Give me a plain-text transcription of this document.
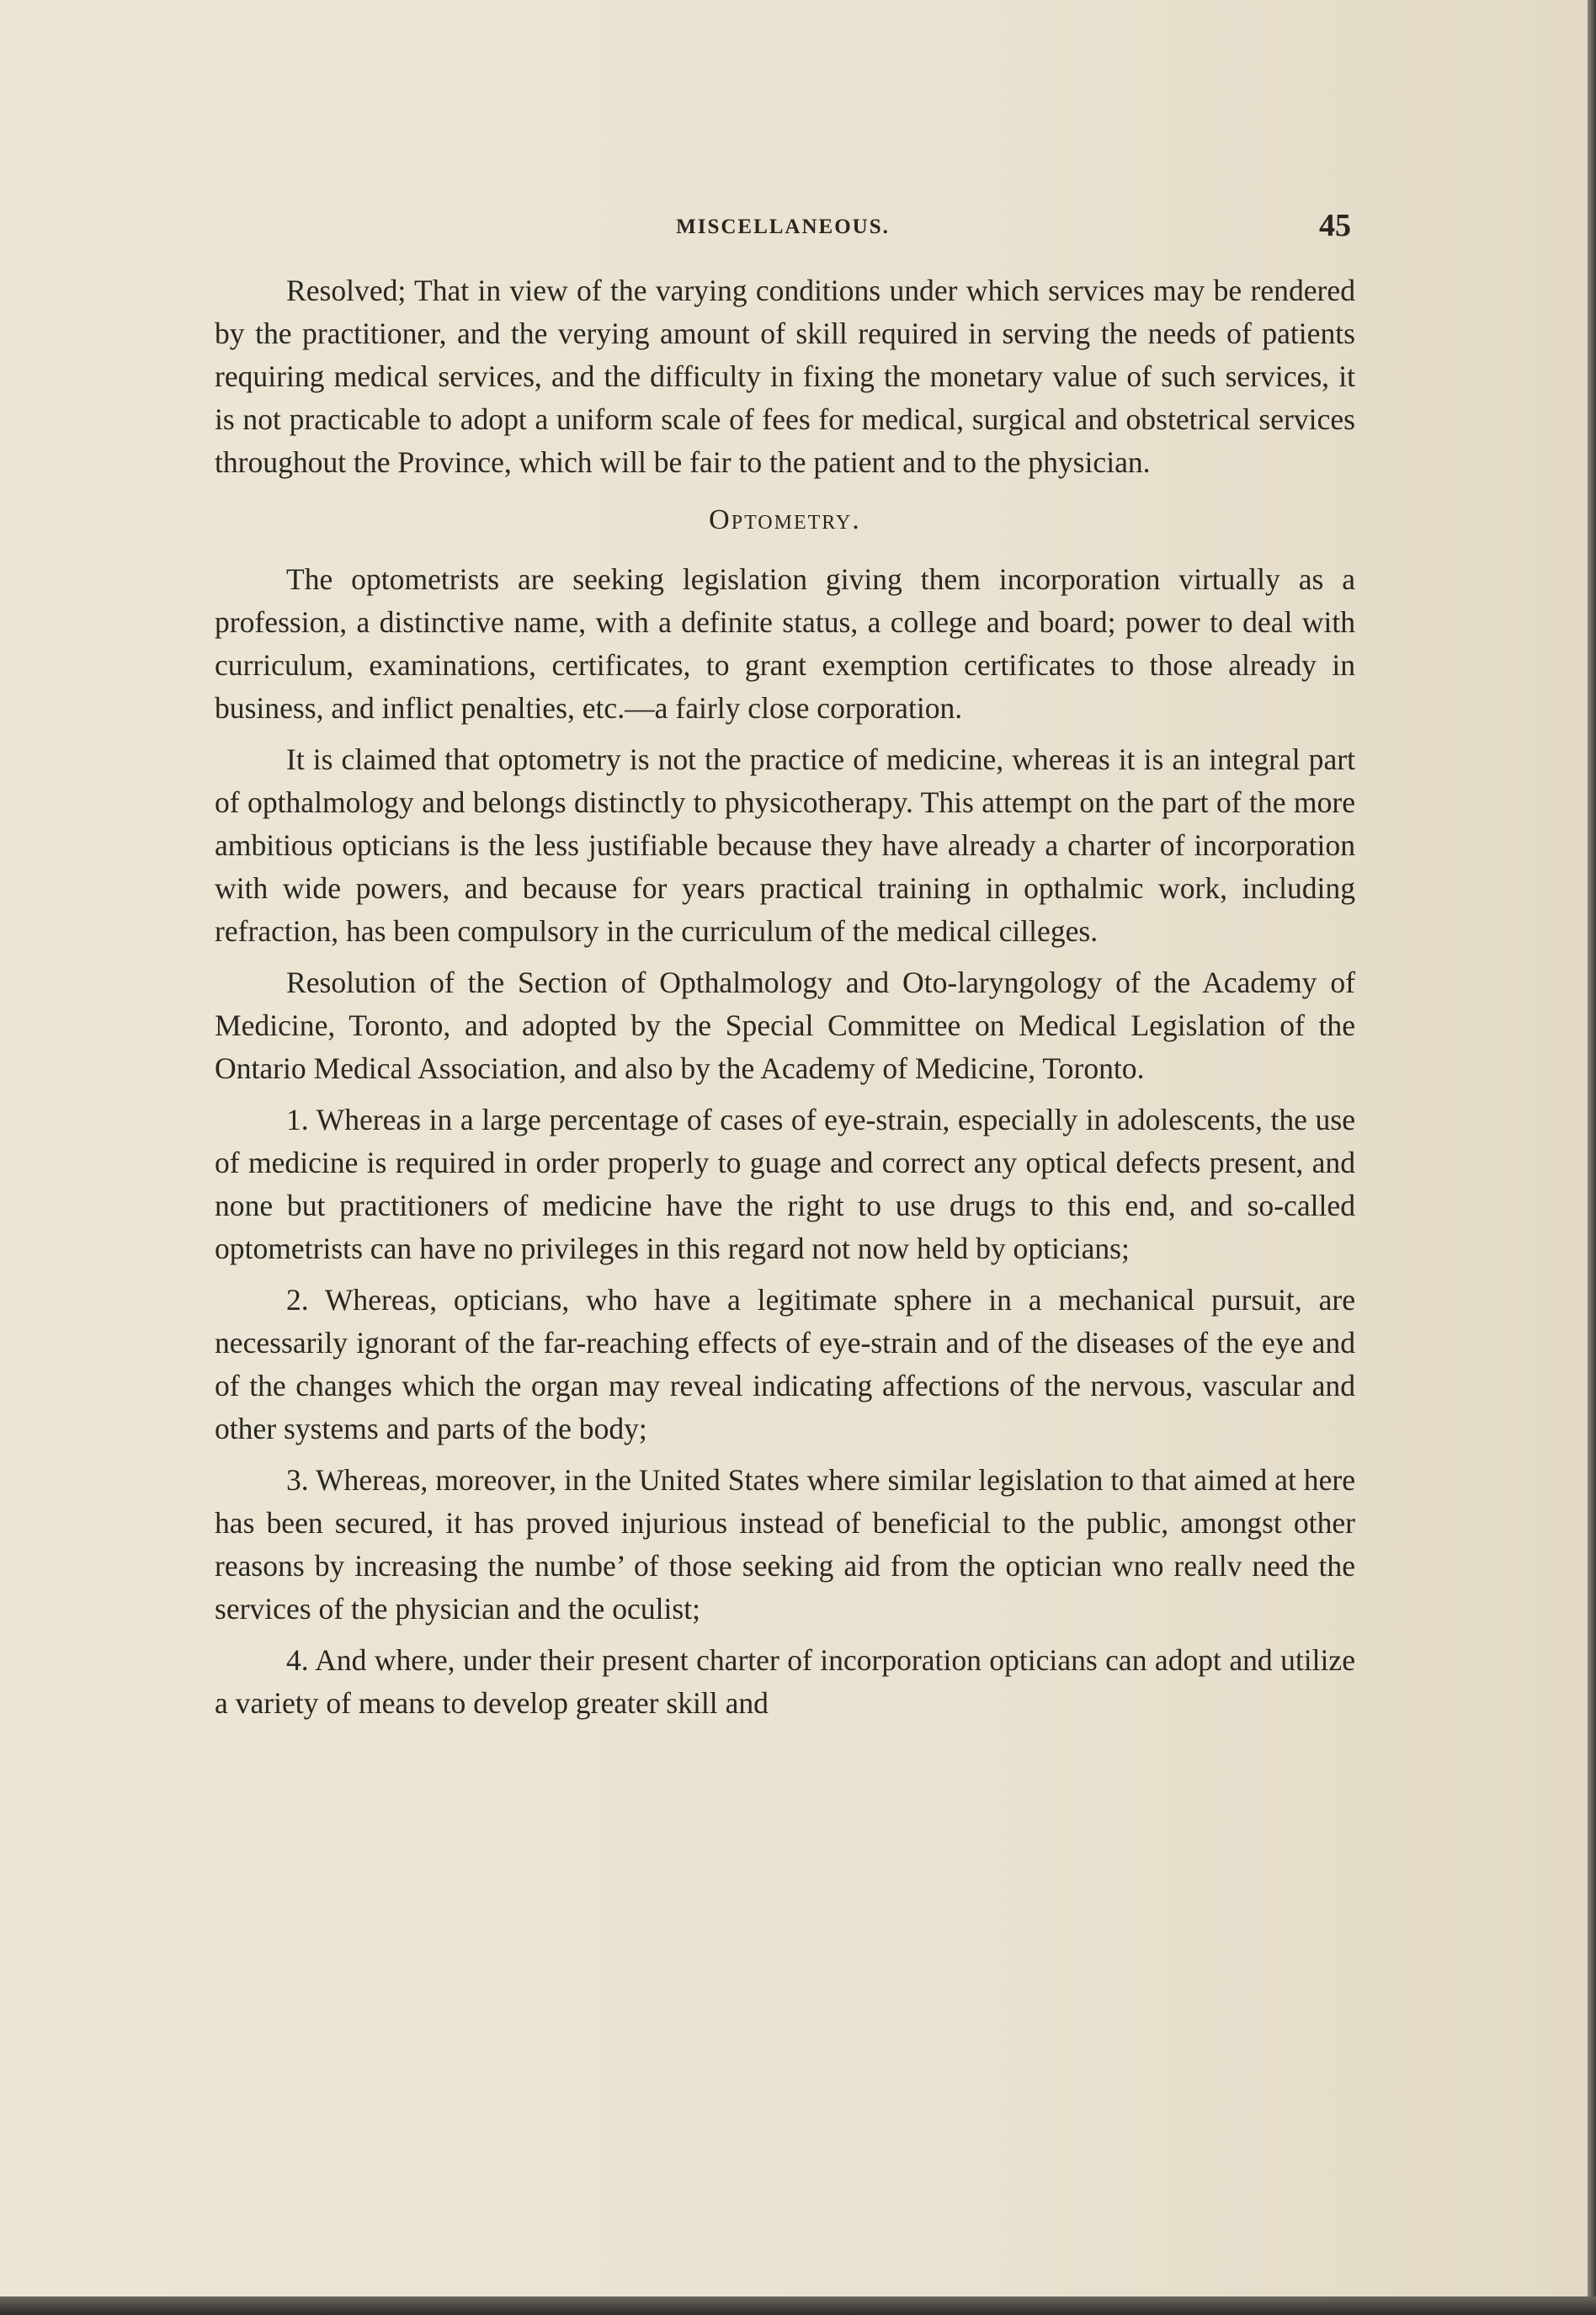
MISCELLANEOUS.	45

Resolved; That in view of the varying conditions under which services may be rendered by the practitioner, and the verying amount of skill required in serving the needs of patients requiring medical services, and the difficulty in fixing the monetary value of such services, it is not practicable to adopt a uniform scale of fees for medical, surgical and obstetrical services throughout the Province, which will be fair to the patient and to the physician.

Optometry.

The optometrists are seeking legislation giving them incorporation virtually as a profession, a distinctive name, with a definite status, a college and board; power to deal with curriculum, examinations, certificates, to grant exemption certificates to those already in business, and inflict penalties, etc.—a fairly close corporation.

It is claimed that optometry is not the practice of medicine, whereas it is an integral part of opthalmology and belongs distinctly to physicotherapy. This attempt on the part of the more ambitious opticians is the less justifiable because they have already a charter of incorporation with wide powers, and because for years practical training in opthalmic work, including refraction, has been compulsory in the curriculum of the medical cilleges.

Resolution of the Section of Opthalmology and Oto-laryngology of the Academy of Medicine, Toronto, and adopted by the Special Committee on Medical Legislation of the Ontario Medical Association, and also by the Academy of Medicine, Toronto.

1. Whereas in a large percentage of cases of eye-strain, especially in adolescents, the use of medicine is required in order properly to guage and correct any optical defects present, and none but practitioners of medicine have the right to use drugs to this end, and so-called optometrists can have no privileges in this regard not now held by opticians;

2. Whereas, opticians, who have a legitimate sphere in a mechanical pursuit, are necessarily ignorant of the far-reaching effects of eye-strain and of the diseases of the eye and of the changes which the organ may reveal indicating affections of the nervous, vascular and other systems and parts of the body;

3. Whereas, moreover, in the United States where similar legislation to that aimed at here has been secured, it has proved injurious instead of beneficial to the public, amongst other reasons by increasing the numbe’ of those seeking aid from the optician wno reallv need the services of the physician and the oculist;

4. And where, under their present charter of incorporation opticians can adopt and utilize a variety of means to develop greater skill and
